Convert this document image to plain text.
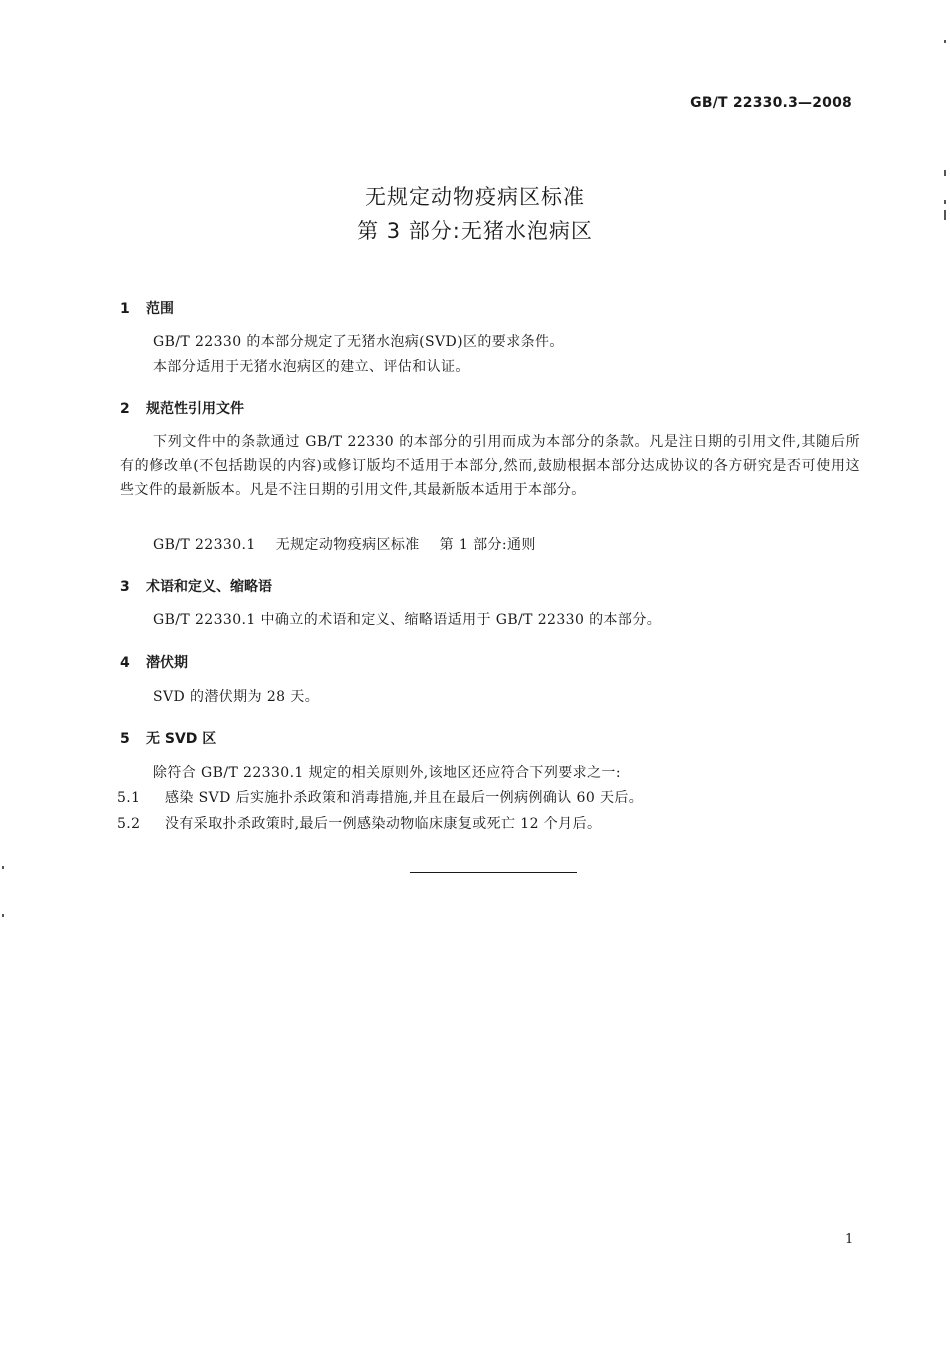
GB/T 22330.3—2008
无规定动物疫病区标准
第 3 部分:无猪水泡病区
1 范围
GB/T 22330 的本部分规定了无猪水泡病(SVD)区的要求条件。
本部分适用于无猪水泡病区的建立、评估和认证。
2 规范性引用文件
下列文件中的条款通过 GB/T 22330 的本部分的引用而成为本部分的条款。凡是注日期的引用文件,其随后所有的修改单(不包括勘误的内容)或修订版均不适用于本部分,然而,鼓励根据本部分达成协议的各方研究是否可使用这些文件的最新版本。凡是不注日期的引用文件,其最新版本适用于本部分。
GB/T 22330.1 无规定动物疫病区标准 第 1 部分:通则
3 术语和定义、缩略语
GB/T 22330.1 中确立的术语和定义、缩略语适用于 GB/T 22330 的本部分。
4 潜伏期
SVD 的潜伏期为 28 天。
5 无 SVD 区
除符合 GB/T 22330.1 规定的相关原则外,该地区还应符合下列要求之一:
5.1 感染 SVD 后实施扑杀政策和消毒措施,并且在最后一例病例确认 60 天后。
5.2 没有采取扑杀政策时,最后一例感染动物临床康复或死亡 12 个月后。
1
